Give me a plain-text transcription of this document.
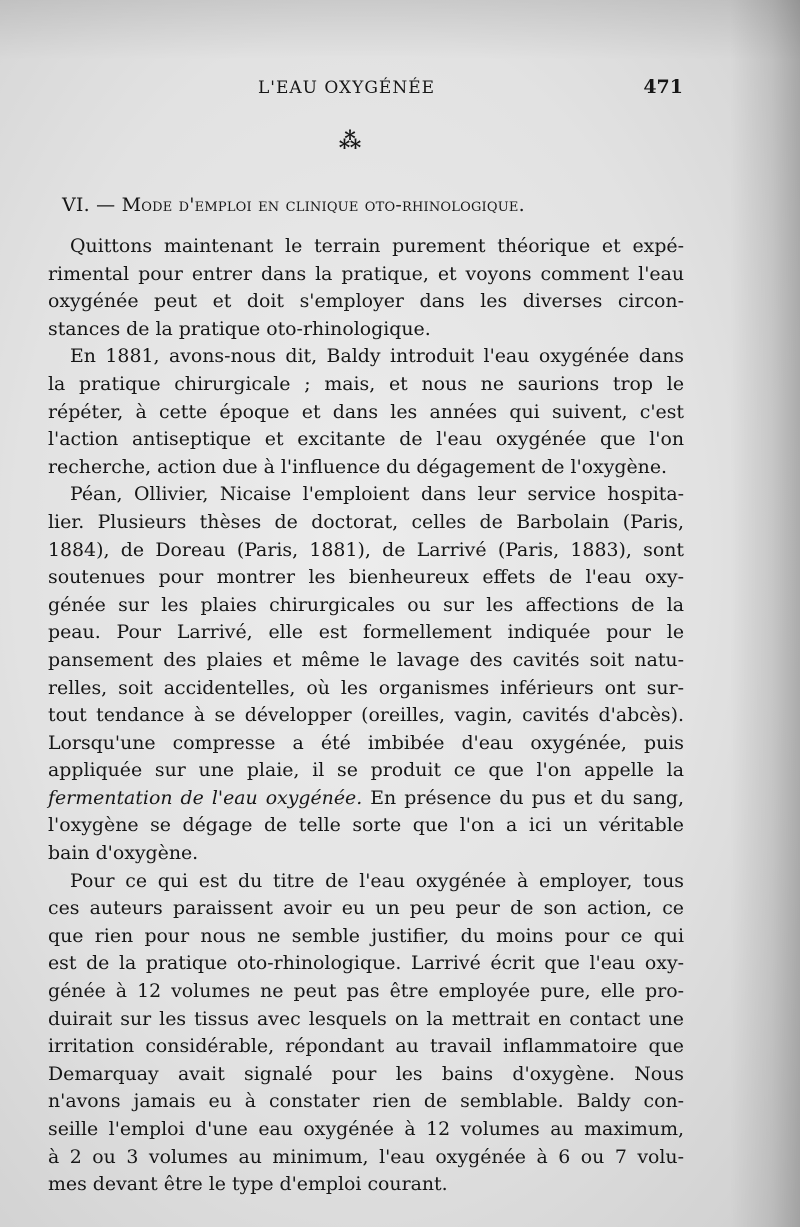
L'EAU OXYGÉNÉE	471
⁂
VI. — Mode d'emploi en clinique oto-rhinologique.
Quittons maintenant le terrain purement théorique et expé-
rimental pour entrer dans la pratique, et voyons comment l'eau
oxygénée peut et doit s'employer dans les diverses circon-
stances de la pratique oto-rhinologique.
En 1881, avons-nous dit, Baldy introduit l'eau oxygénée dans
la pratique chirurgicale ; mais, et nous ne saurions trop le
répéter, à cette époque et dans les années qui suivent, c'est
l'action antiseptique et excitante de l'eau oxygénée que l'on
recherche, action due à l'influence du dégagement de l'oxygène.
Péan, Ollivier, Nicaise l'emploient dans leur service hospita-
lier. Plusieurs thèses de doctorat, celles de Barbolain (Paris,
1884), de Doreau (Paris, 1881), de Larrivé (Paris, 1883), sont
soutenues pour montrer les bienheureux effets de l'eau oxy-
génée sur les plaies chirurgicales ou sur les affections de la
peau. Pour Larrivé, elle est formellement indiquée pour le
pansement des plaies et même le lavage des cavités soit natu-
relles, soit accidentelles, où les organismes inférieurs ont sur-
tout tendance à se développer (oreilles, vagin, cavités d'abcès).
Lorsqu'une compresse a été imbibée d'eau oxygénée, puis
appliquée sur une plaie, il se produit ce que l'on appelle la
fermentation de l'eau oxygénée. En présence du pus et du sang,
l'oxygène se dégage de telle sorte que l'on a ici un véritable
bain d'oxygène.
Pour ce qui est du titre de l'eau oxygénée à employer, tous
ces auteurs paraissent avoir eu un peu peur de son action, ce
que rien pour nous ne semble justifier, du moins pour ce qui
est de la pratique oto-rhinologique. Larrivé écrit que l'eau oxy-
génée à 12 volumes ne peut pas être employée pure, elle pro-
duirait sur les tissus avec lesquels on la mettrait en contact une
irritation considérable, répondant au travail inflammatoire que
Demarquay avait signalé pour les bains d'oxygène. Nous
n'avons jamais eu à constater rien de semblable. Baldy con-
seille l'emploi d'une eau oxygénée à 12 volumes au maximum,
à 2 ou 3 volumes au minimum, l'eau oxygénée à 6 ou 7 volu-
mes devant être le type d'emploi courant.
